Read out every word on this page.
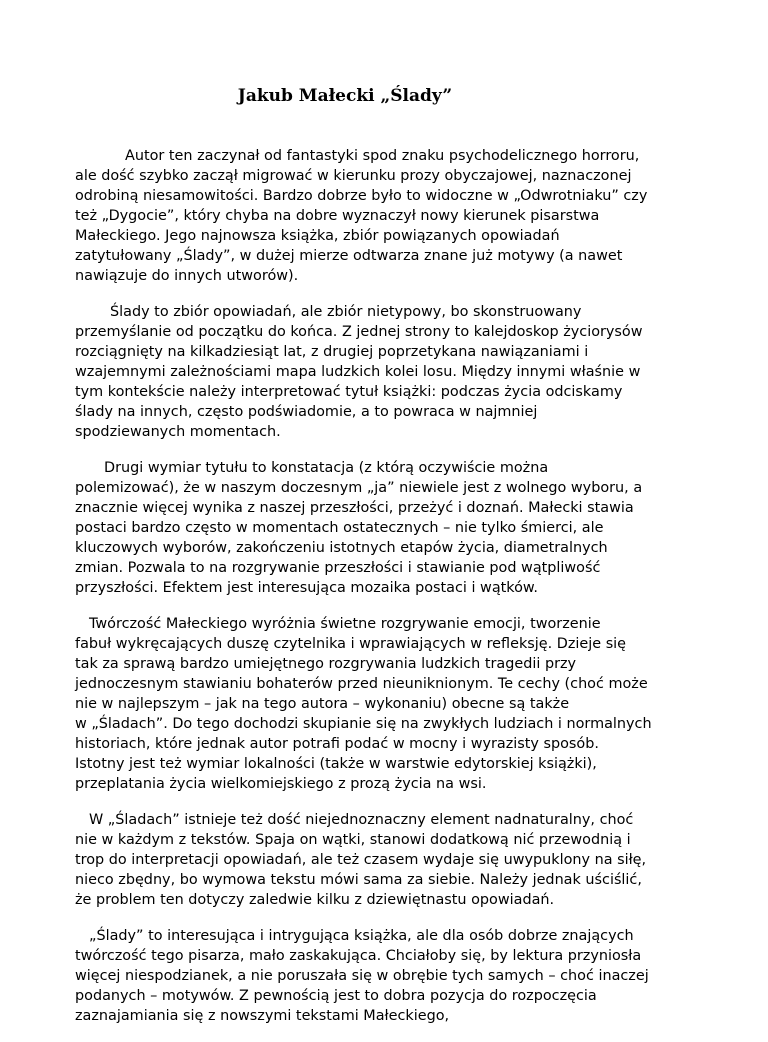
Jakub Małecki „Ślady”

Autor ten zaczynał od fantastyki spod znaku psychodelicznego horroru,
ale dość szybko zaczął migrować w kierunku prozy obyczajowej, naznaczonej
odrobiną niesamowitości. Bardzo dobrze było to widoczne w „Odwrotniaku” czy
też „Dygocie”, który chyba na dobre wyznaczył nowy kierunek pisarstwa
Małeckiego. Jego najnowsza książka, zbiór powiązanych opowiadań
zatytułowany „Ślady”, w dużej mierze odtwarza znane już motywy (a nawet
nawiązuje do innych utworów).

Ślady to zbiór opowiadań, ale zbiór nietypowy, bo skonstruowany
przemyślanie od początku do końca. Z jednej strony to kalejdoskop życiorysów
rozciągnięty na kilkadziesiąt lat, z drugiej poprzetykana nawiązaniami i
wzajemnymi zależnościami mapa ludzkich kolei losu. Między innymi właśnie w
tym kontekście należy interpretować tytuł książki: podczas życia odciskamy
ślady na innych, często podświadomie, a to powraca w najmniej
spodziewanych momentach.

Drugi wymiar tytułu to konstatacja (z którą oczywiście można
polemizować), że w naszym doczesnym „ja” niewiele jest z wolnego wyboru, a
znacznie więcej wynika z naszej przeszłości, przeżyć i doznań. Małecki stawia
postaci bardzo często w momentach ostatecznych – nie tylko śmierci, ale
kluczowych wyborów, zakończeniu istotnych etapów życia, diametralnych
zmian. Pozwala to na rozgrywanie przeszłości i stawianie pod wątpliwość
przyszłości. Efektem jest interesująca mozaika postaci i wątków.

Twórczość Małeckiego wyróżnia świetne rozgrywanie emocji, tworzenie
fabuł wykręcających duszę czytelnika i wprawiających w refleksję. Dzieje się
tak za sprawą bardzo umiejętnego rozgrywania ludzkich tragedii przy
jednoczesnym stawianiu bohaterów przed nieuniknionym. Te cechy (choć może
nie w najlepszym – jak na tego autora – wykonaniu) obecne są także
w „Śladach”. Do tego dochodzi skupianie się na zwykłych ludziach i normalnych
historiach, które jednak autor potrafi podać w mocny i wyrazisty sposób.
Istotny jest też wymiar lokalności (także w warstwie edytorskiej książki),
przeplatania życia wielkomiejskiego z prozą życia na wsi.

W „Śladach” istnieje też dość niejednoznaczny element nadnaturalny, choć
nie w każdym z tekstów. Spaja on wątki, stanowi dodatkową nić przewodnią i
trop do interpretacji opowiadań, ale też czasem wydaje się uwypuklony na siłę,
nieco zbędny, bo wymowa tekstu mówi sama za siebie. Należy jednak uściślić,
że problem ten dotyczy zaledwie kilku z dziewiętnastu opowiadań.

„Ślady” to interesująca i intrygująca książka, ale dla osób dobrze znających
twórczość tego pisarza, mało zaskakująca. Chciałoby się, by lektura przyniosła
więcej niespodzianek, a nie poruszała się w obrębie tych samych – choć inaczej
podanych – motywów. Z pewnością jest to dobra pozycja do rozpoczęcia
zaznajamiania się z nowszymi tekstami Małeckiego,
